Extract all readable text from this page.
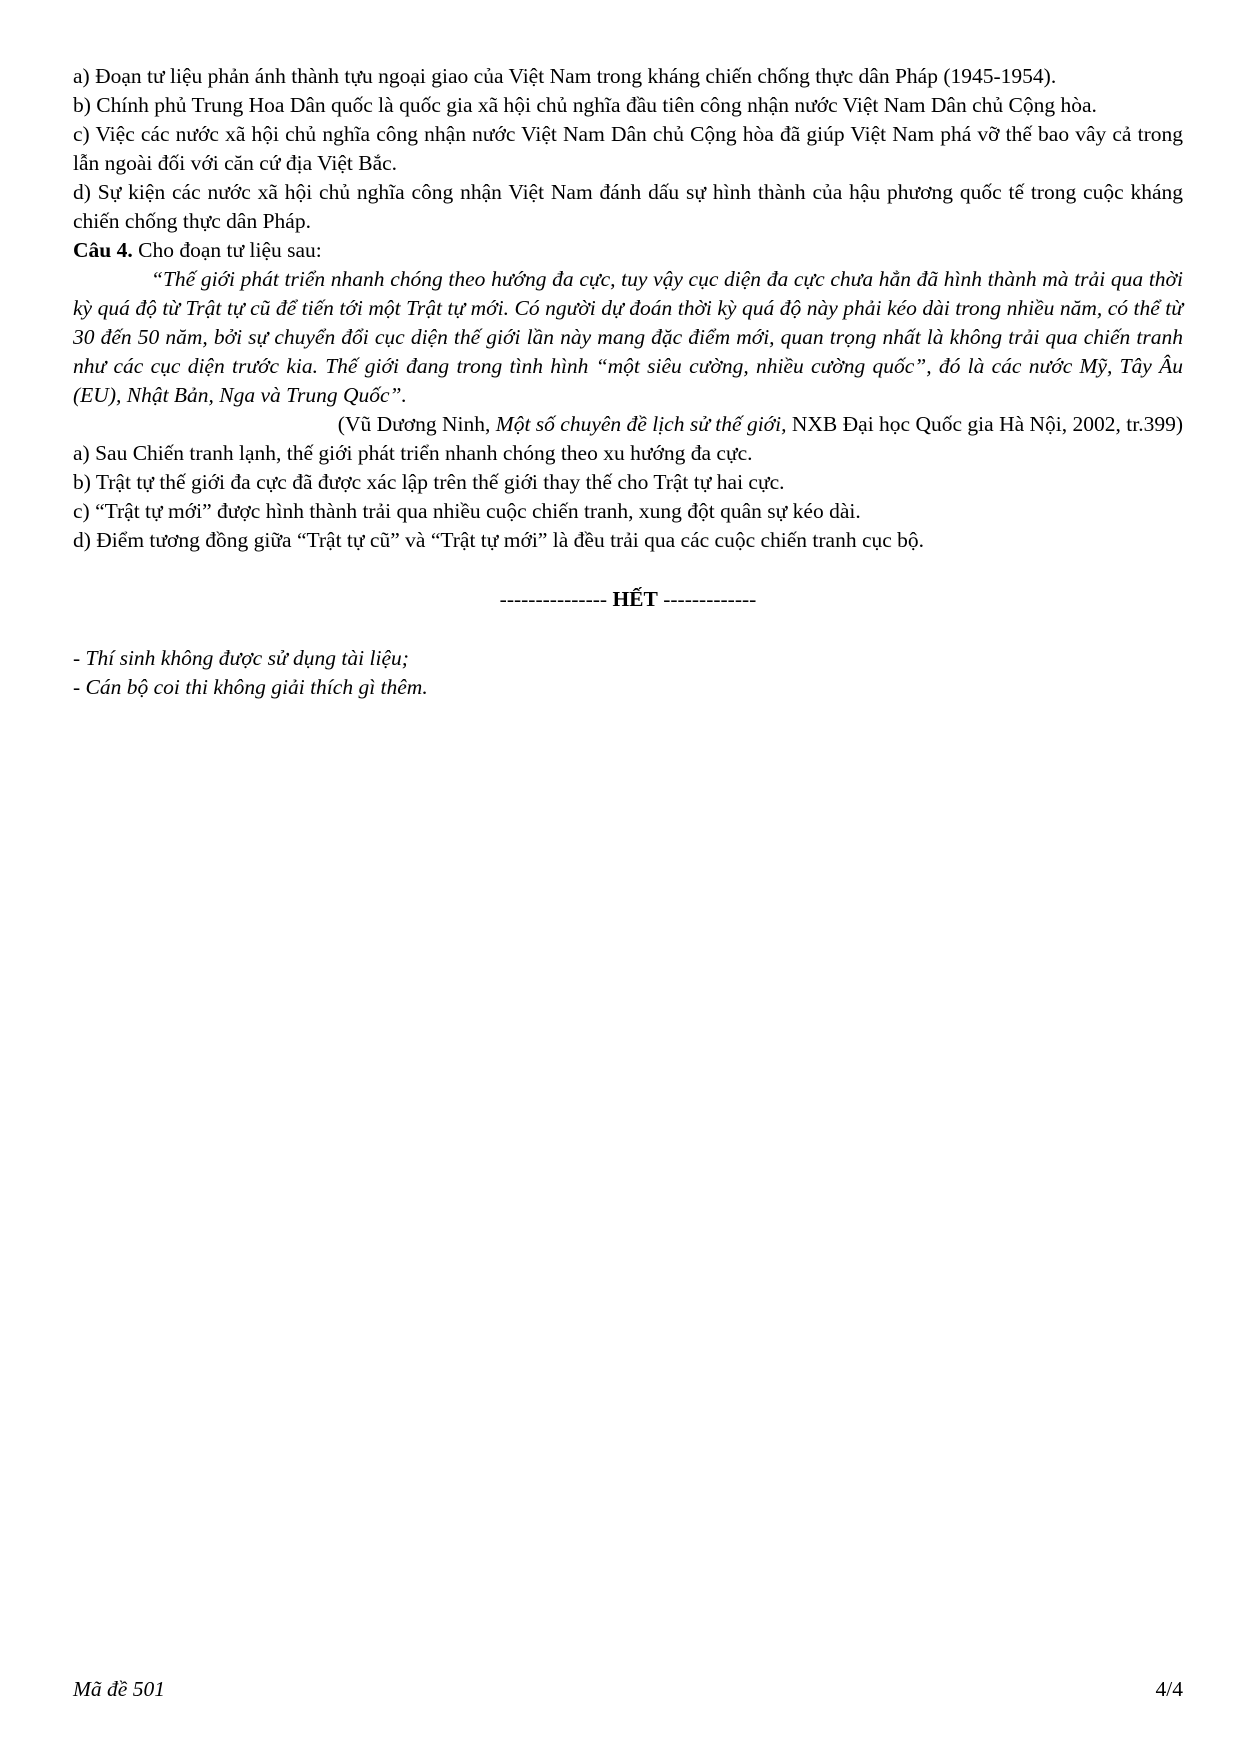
a) Đoạn tư liệu phản ánh thành tựu ngoại giao của Việt Nam trong kháng chiến chống thực dân Pháp (1945-1954).

b) Chính phủ Trung Hoa Dân quốc là quốc gia xã hội chủ nghĩa đầu tiên công nhận nước Việt Nam Dân chủ Cộng hòa.

c) Việc các nước xã hội chủ nghĩa công nhận nước Việt Nam Dân chủ Cộng hòa đã giúp Việt Nam phá vỡ thế bao vây cả trong lẫn ngoài đối với căn cứ địa Việt Bắc.

d) Sự kiện các nước xã hội chủ nghĩa công nhận Việt Nam đánh dấu sự hình thành của hậu phương quốc tế trong cuộc kháng chiến chống thực dân Pháp.

Câu 4. Cho đoạn tư liệu sau:

“Thế giới phát triển nhanh chóng theo hướng đa cực, tuy vậy cục diện đa cực chưa hẳn đã hình thành mà trải qua thời kỳ quá độ từ Trật tự cũ để tiến tới một Trật tự mới. Có người dự đoán thời kỳ quá độ này phải kéo dài trong nhiều năm, có thể từ 30 đến 50 năm, bởi sự chuyển đổi cục diện thế giới lần này mang đặc điểm mới, quan trọng nhất là không trải qua chiến tranh như các cục diện trước kia. Thế giới đang trong tình hình “một siêu cường, nhiều cường quốc”, đó là các nước Mỹ, Tây Âu (EU), Nhật Bản, Nga và Trung Quốc”.

(Vũ Dương Ninh, Một số chuyên đề lịch sử thế giới, NXB Đại học Quốc gia Hà Nội, 2002, tr.399)

a) Sau Chiến tranh lạnh, thế giới phát triển nhanh chóng theo xu hướng đa cực.

b) Trật tự thế giới đa cực đã được xác lập trên thế giới thay thế cho Trật tự hai cực.

c) “Trật tự mới” được hình thành trải qua nhiều cuộc chiến tranh, xung đột quân sự kéo dài.

d) Điểm tương đồng giữa “Trật tự cũ” và “Trật tự mới” là đều trải qua các cuộc chiến tranh cục bộ.

--------------- HẾT -------------
- Thí sinh không được sử dụng tài liệu;
- Cán bộ coi thi không giải thích gì thêm.
Mã đề 501	4/4
